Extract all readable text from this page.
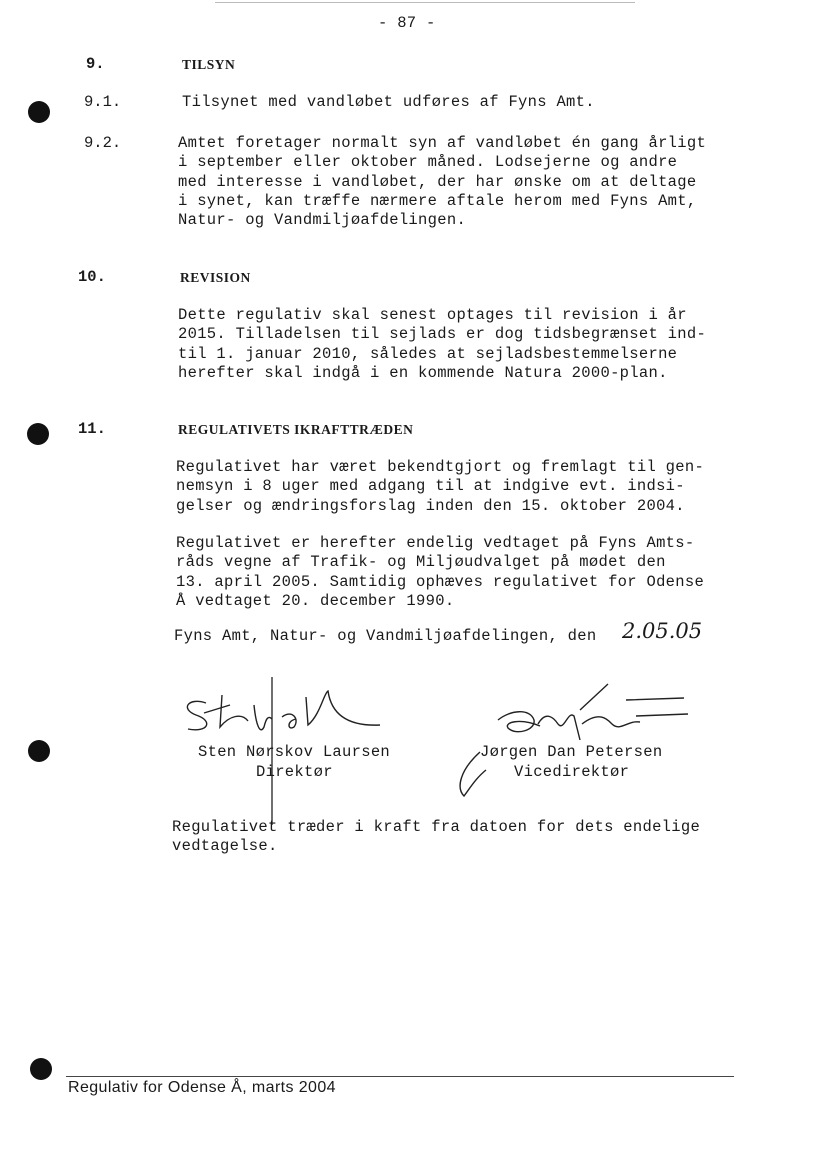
- 87 -
9.	TILSYN
9.1.	Tilsynet med vandløbet udføres af Fyns Amt.
9.2.	Amtet foretager normalt syn af vandløbet én gang årligt
i september eller oktober måned. Lodsejerne og andre
med interesse i vandløbet, der har ønske om at deltage
i synet, kan træffe nærmere aftale herom med Fyns Amt,
Natur- og Vandmiljøafdelingen.
10.	REVISION
Dette regulativ skal senest optages til revision i år
2015. Tilladelsen til sejlads er dog tidsbegrænset ind-
til 1. januar 2010, således at sejladsbestemmelserne
herefter skal indgå i en kommende Natura 2000-plan.
11.	REGULATIVETS IKRAFTTRÆDEN
Regulativet har været bekendtgjort og fremlagt til gen-
nemsyn i 8 uger med adgang til at indgive evt. indsi-
gelser og ændringsforslag inden den 15. oktober 2004.
Regulativet er herefter endelig vedtaget på Fyns Amts-
råds vegne af Trafik- og Miljøudvalget på mødet den
13. april 2005. Samtidig ophæves regulativet for Odense
Å vedtaget 20. december 1990.
Fyns Amt, Natur- og Vandmiljøafdelingen, den 2.05.05
Sten Nørskov Laursen
Direktør
Jørgen Dan Petersen
Vicedirektør
Regulativet træder i kraft fra datoen for dets endelige
vedtagelse.
Regulativ for Odense Å, marts 2004
